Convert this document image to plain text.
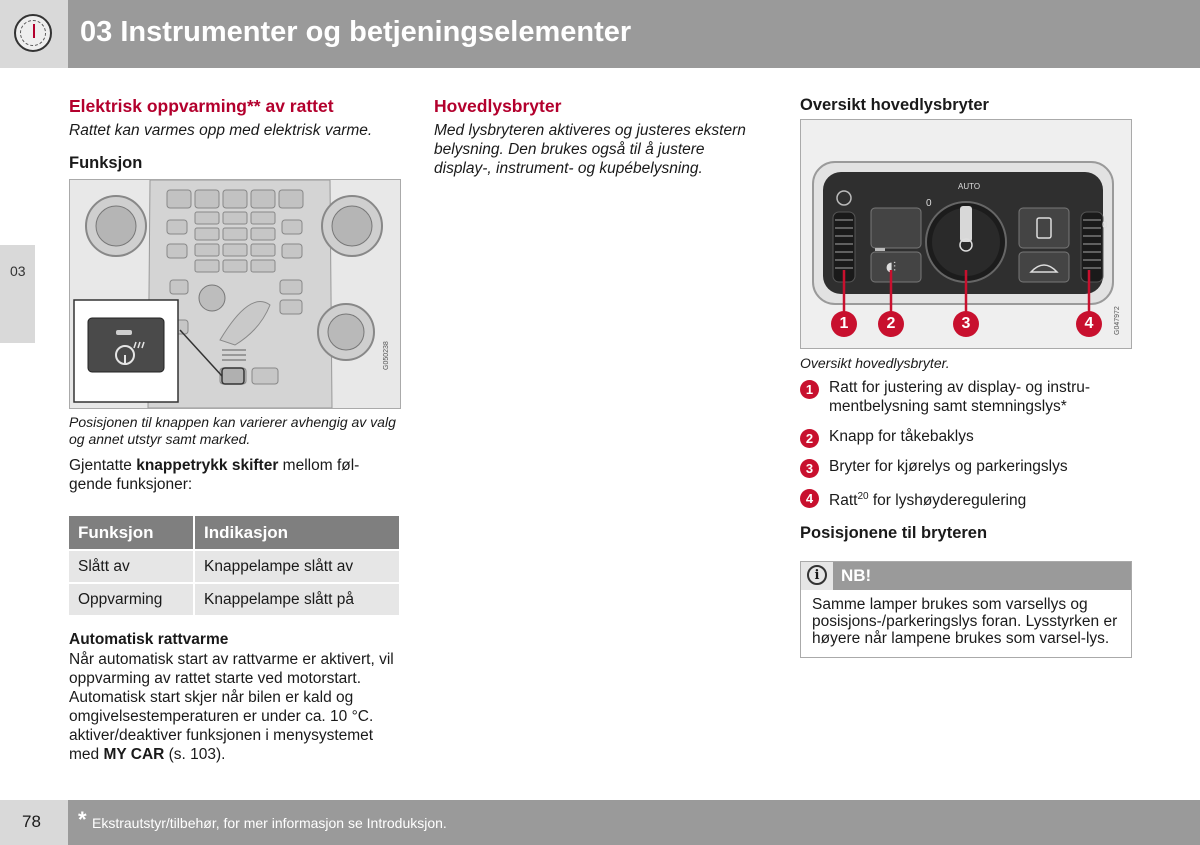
03 Instrumenter og betjeningselementer
03
Elektrisk oppvarming** av rattet

Rattet kan varmes opp med elektrisk varme.

Funksjon
G050238

Posisjonen til knappen kan varierer avhengig av valg og annet utstyr samt marked.

Gjentatte knappetrykk skifter mellom føl-gende funksjoner:

Funksjon	Indikasjon
Slått av	Knappelampe slått av
Oppvarming	Knappelampe slått på
Automatisk rattvarme

Når automatisk start av rattvarme er aktivert, vil oppvarming av rattet starte ved motorstart. Automatisk start skjer når bilen er kald og omgivelsestemperaturen er under ca. 10 °C. aktiver/deaktiver funksjonen i menysystemet med MY CAR (s. 103).

Hovedlysbryter

Med lysbryteren aktiveres og justeres ekstern belysning. Den brukes også til å justere display-, instrument- og kupébelysning.

Oversikt hovedlysbryter
◖⫶
AUTO
0
0
1 2	3	4	G047972

Oversikt hovedlysbryter.

1	Ratt for justering av display- og instru-mentbelysning samt stemningslys*
2	Knapp for tåkebaklys
3	Bryter for kjørelys og parkeringslys
4	Ratt$^{20}$ for lyshøyderegulering
Posisjonene til bryteren
i	NB!
Samme lamper brukes som varsellys og posisjons-/parkeringslys foran. Lysstyrken er høyere når lampene brukes som varsel-lys.
78 * Ekstrautstyr/tilbehør, for mer informasjon se Introduksjon.
